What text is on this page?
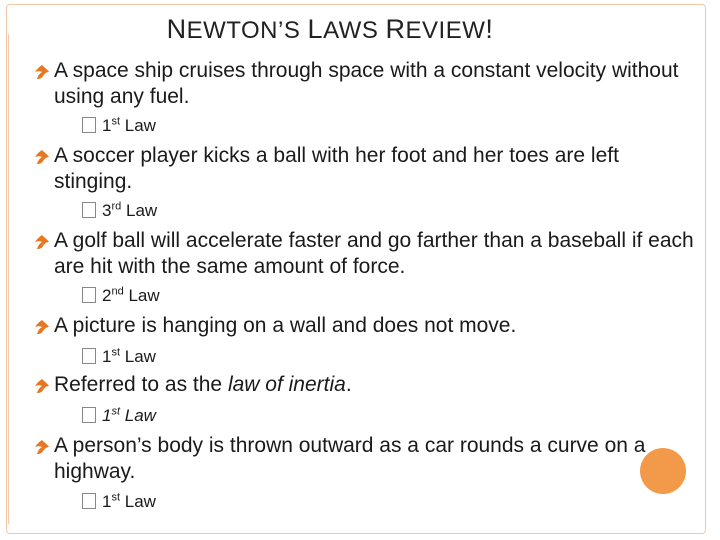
NEWTON’S LAWS REVIEW!
A space ship cruises through space with a constant velocity without using any fuel.
1st Law
A soccer player kicks a ball with her foot and her toes are left stinging.
3rd Law
A golf ball will accelerate faster and go farther than a baseball if each are hit with the same amount of force.
2nd Law
A picture is hanging on a wall and does not move.
1st Law
Referred to as the law of inertia.
1st Law
A person’s body is thrown outward as a car rounds a curve on a highway.
1st Law
